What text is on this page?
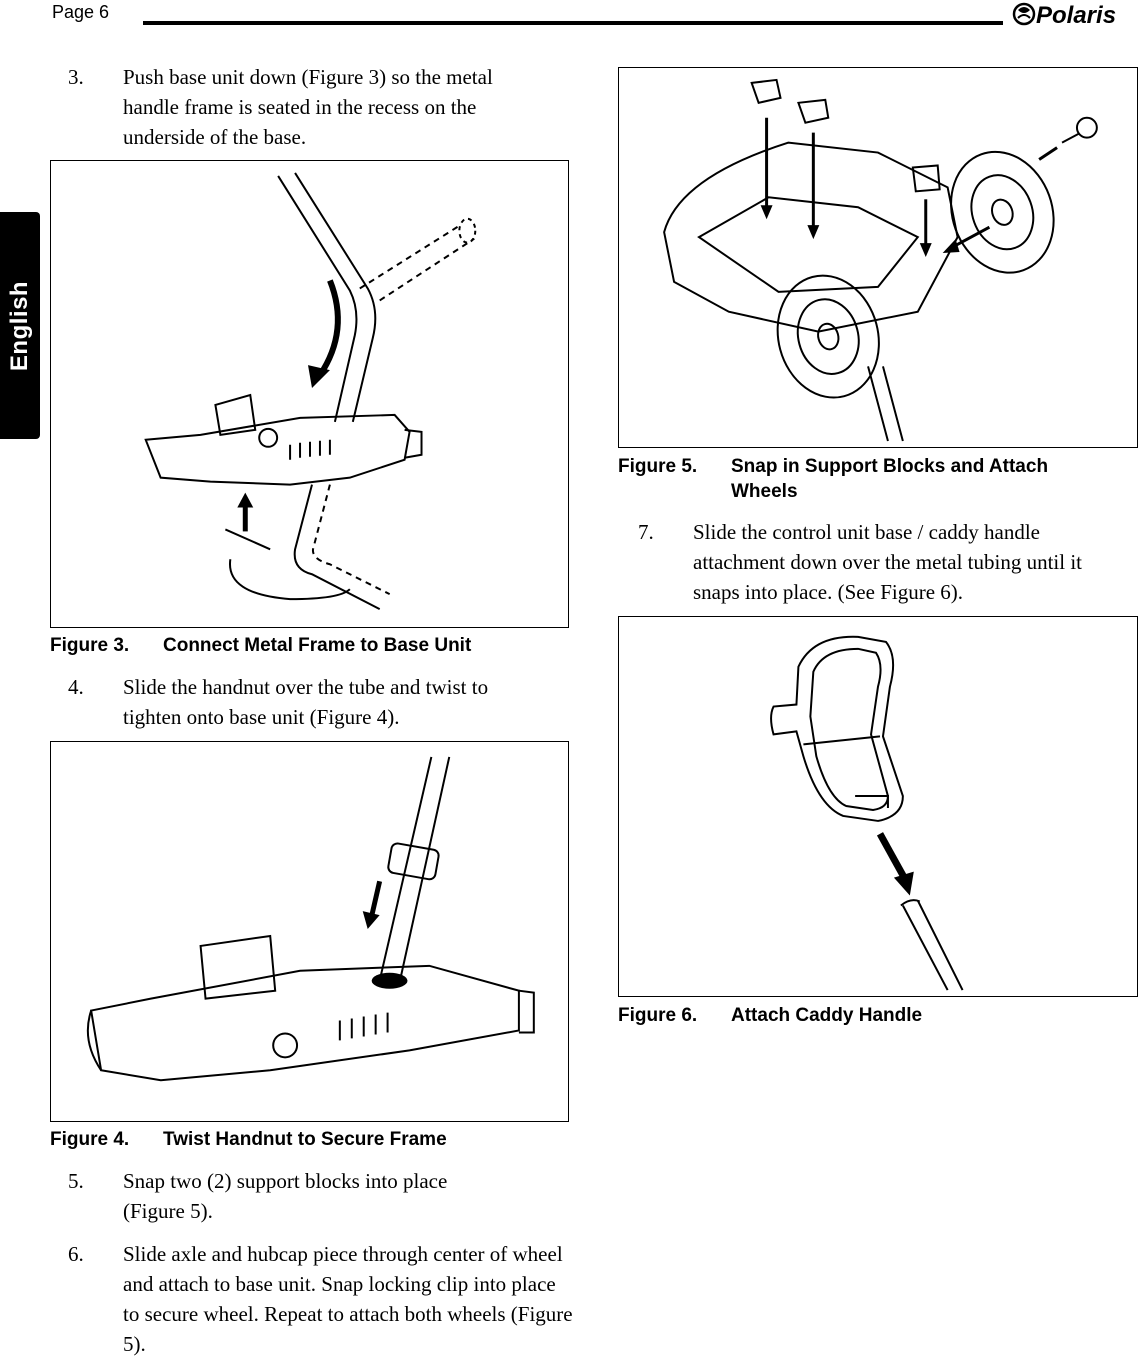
Page 6	Polaris
English
3. Push base unit down (Figure 3) so the metal handle frame is seated in the recess on the underside of the base.
Figure 3. Connect Metal Frame to Base Unit
4. Slide the handnut over the tube and twist to tighten onto base unit (Figure 4).
Figure 4. Twist Handnut to Secure Frame
5. Snap two (2) support blocks into place (Figure 5).
6. Slide axle and hubcap piece through center of wheel and attach to base unit. Snap locking clip into place to secure wheel. Repeat to attach both wheels (Figure 5).
Figure 5. Snap in Support Blocks and Attach Wheels
7. Slide the control unit base / caddy handle attachment down over the metal tubing until it snaps into place. (See Figure 6).
Figure 6. Attach Caddy Handle
